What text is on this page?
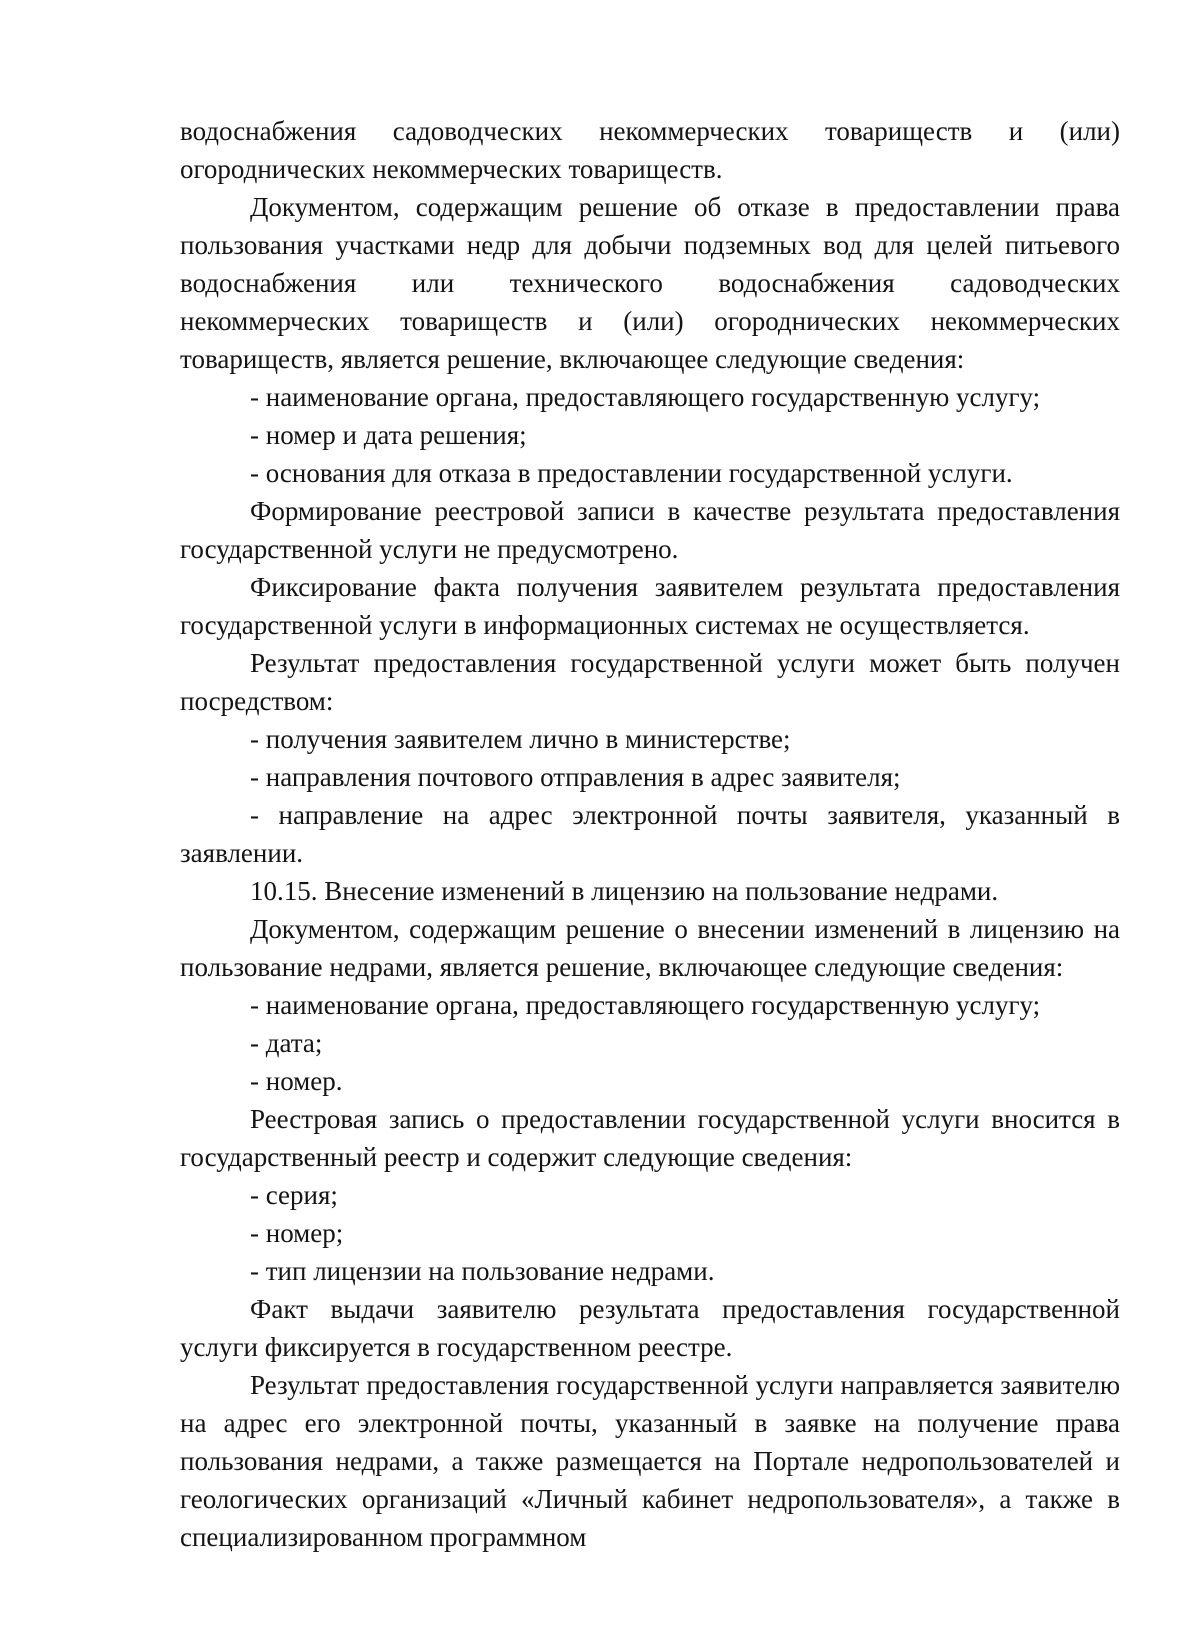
водоснабжения садоводческих некоммерческих товариществ и (или) огороднических некоммерческих товариществ.

Документом, содержащим решение об отказе в предоставлении права пользования участками недр для добычи подземных вод для целей питьевого водоснабжения или технического водоснабжения садоводческих некоммерческих товариществ и (или) огороднических некоммерческих товариществ, является решение, включающее следующие сведения:

- наименование органа, предоставляющего государственную услугу;

- номер и дата решения;

- основания для отказа в предоставлении государственной услуги.

Формирование реестровой записи в качестве результата предоставления государственной услуги не предусмотрено.

Фиксирование факта получения заявителем результата предоставления государственной услуги в информационных системах не осуществляется.

Результат предоставления государственной услуги может быть получен посредством:

- получения заявителем лично в министерстве;

- направления почтового отправления в адрес заявителя;

- направление на адрес электронной почты заявителя, указанный в заявлении.

10.15. Внесение изменений в лицензию на пользование недрами.

Документом, содержащим решение о внесении изменений в лицензию на пользование недрами, является решение, включающее следующие сведения:

- наименование органа, предоставляющего государственную услугу;

- дата;

- номер.

Реестровая запись о предоставлении государственной услуги вносится в государственный реестр и содержит следующие сведения:

- серия;

- номер;

- тип лицензии на пользование недрами.

Факт выдачи заявителю результата предоставления государственной услуги фиксируется в государственном реестре.

Результат предоставления государственной услуги направляется заявителю на адрес его электронной почты, указанный в заявке на получение права пользования недрами, а также размещается на Портале недропользователей и геологических организаций «Личный кабинет недропользователя», а также в специализированном программном
